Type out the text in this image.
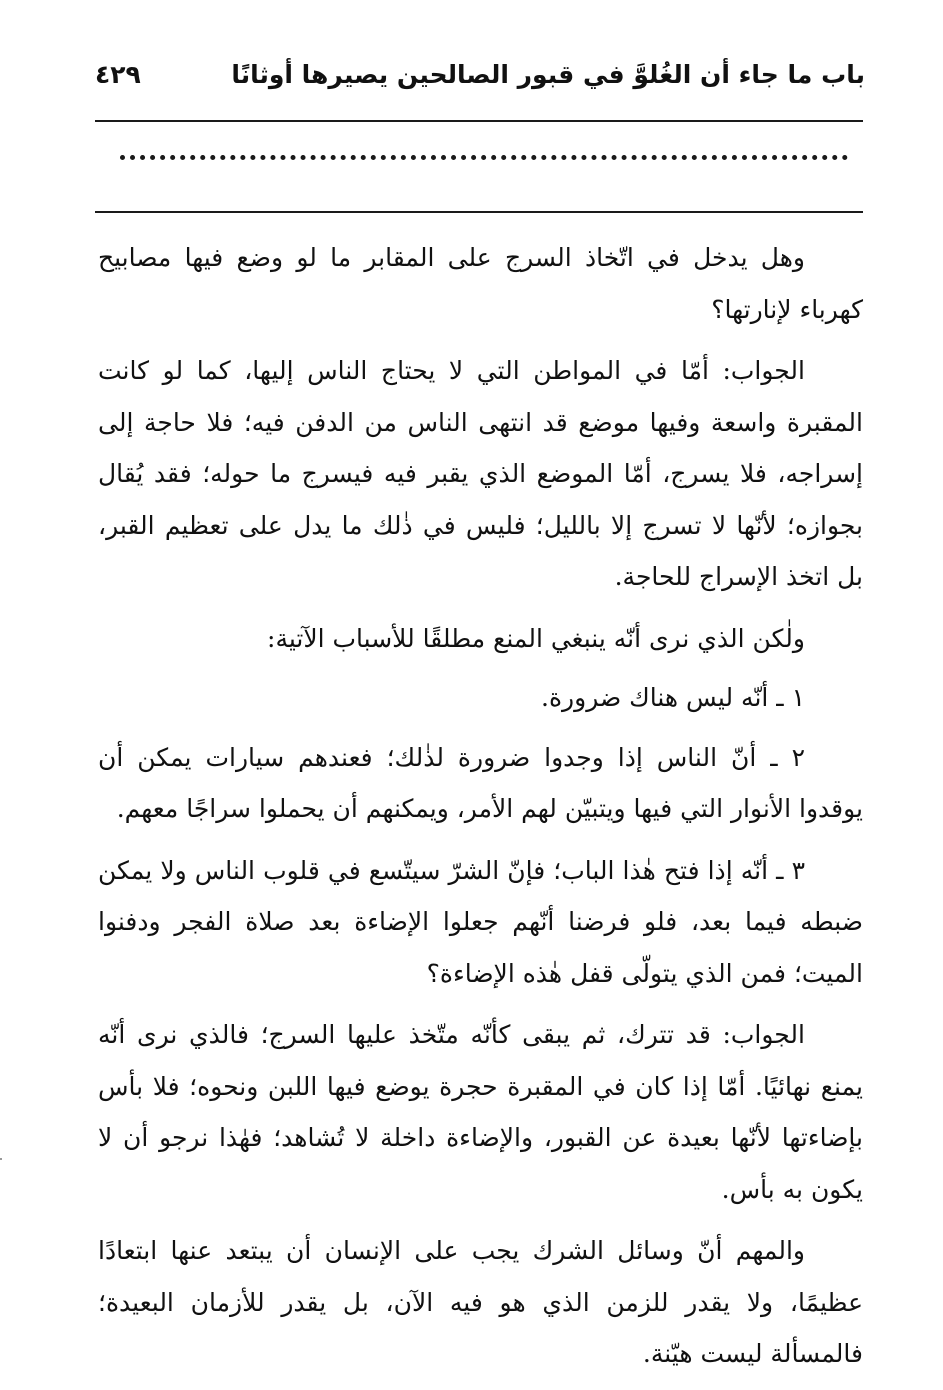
باب ما جاء أن الغُلوَّ في قبور الصالحين يصيرها أوثانًا
٤٢٩

وهل يدخل في اتّخاذ السرج على المقابر ما لو وضع فيها مصابيح كهرباء لإنارتها؟

الجواب: أمّا في المواطن التي لا يحتاج الناس إليها، كما لو كانت المقبرة واسعة وفيها موضع قد انتهى الناس من الدفن فيه؛ فلا حاجة إلى إسراجه، فلا يسرج، أمّا الموضع الذي يقبر فيه فيسرج ما حوله؛ فقد يُقال بجوازه؛ لأنّها لا تسرج إلا بالليل؛ فليس في ذٰلك ما يدل على تعظيم القبر، بل اتخذ الإسراج للحاجة.

ولٰكن الذي نرى أنّه ينبغي المنع مطلقًا للأسباب الآتية:

١ ـ أنّه ليس هناك ضرورة.

٢ ـ أنّ الناس إذا وجدوا ضرورة لذٰلك؛ فعندهم سيارات يمكن أن يوقدوا الأنوار التي فيها ويتبيّن لهم الأمر، ويمكنهم أن يحملوا سراجًا معهم.

٣ ـ أنّه إذا فتح هٰذا الباب؛ فإنّ الشرّ سيتّسع في قلوب الناس ولا يمكن ضبطه فيما بعد، فلو فرضنا أنّهم جعلوا الإضاءة بعد صلاة الفجر ودفنوا الميت؛ فمن الذي يتولّى قفل هٰذه الإضاءة؟

الجواب: قد تترك، ثم يبقى كأنّه متّخذ عليها السرج؛ فالذي نرى أنّه يمنع نهائيًا. أمّا إذا كان في المقبرة حجرة يوضع فيها اللبن ونحوه؛ فلا بأس بإضاءتها لأنّها بعيدة عن القبور، والإضاءة داخلة لا تُشاهد؛ فهٰذا نرجو أن لا يكون به بأس.

والمهم أنّ وسائل الشرك يجب على الإنسان أن يبتعد عنها ابتعادًا عظيمًا، ولا يقدر للزمن الذي هو فيه الآن، بل يقدر للأزمان البعيدة؛ فالمسألة ليست هيّنة.
